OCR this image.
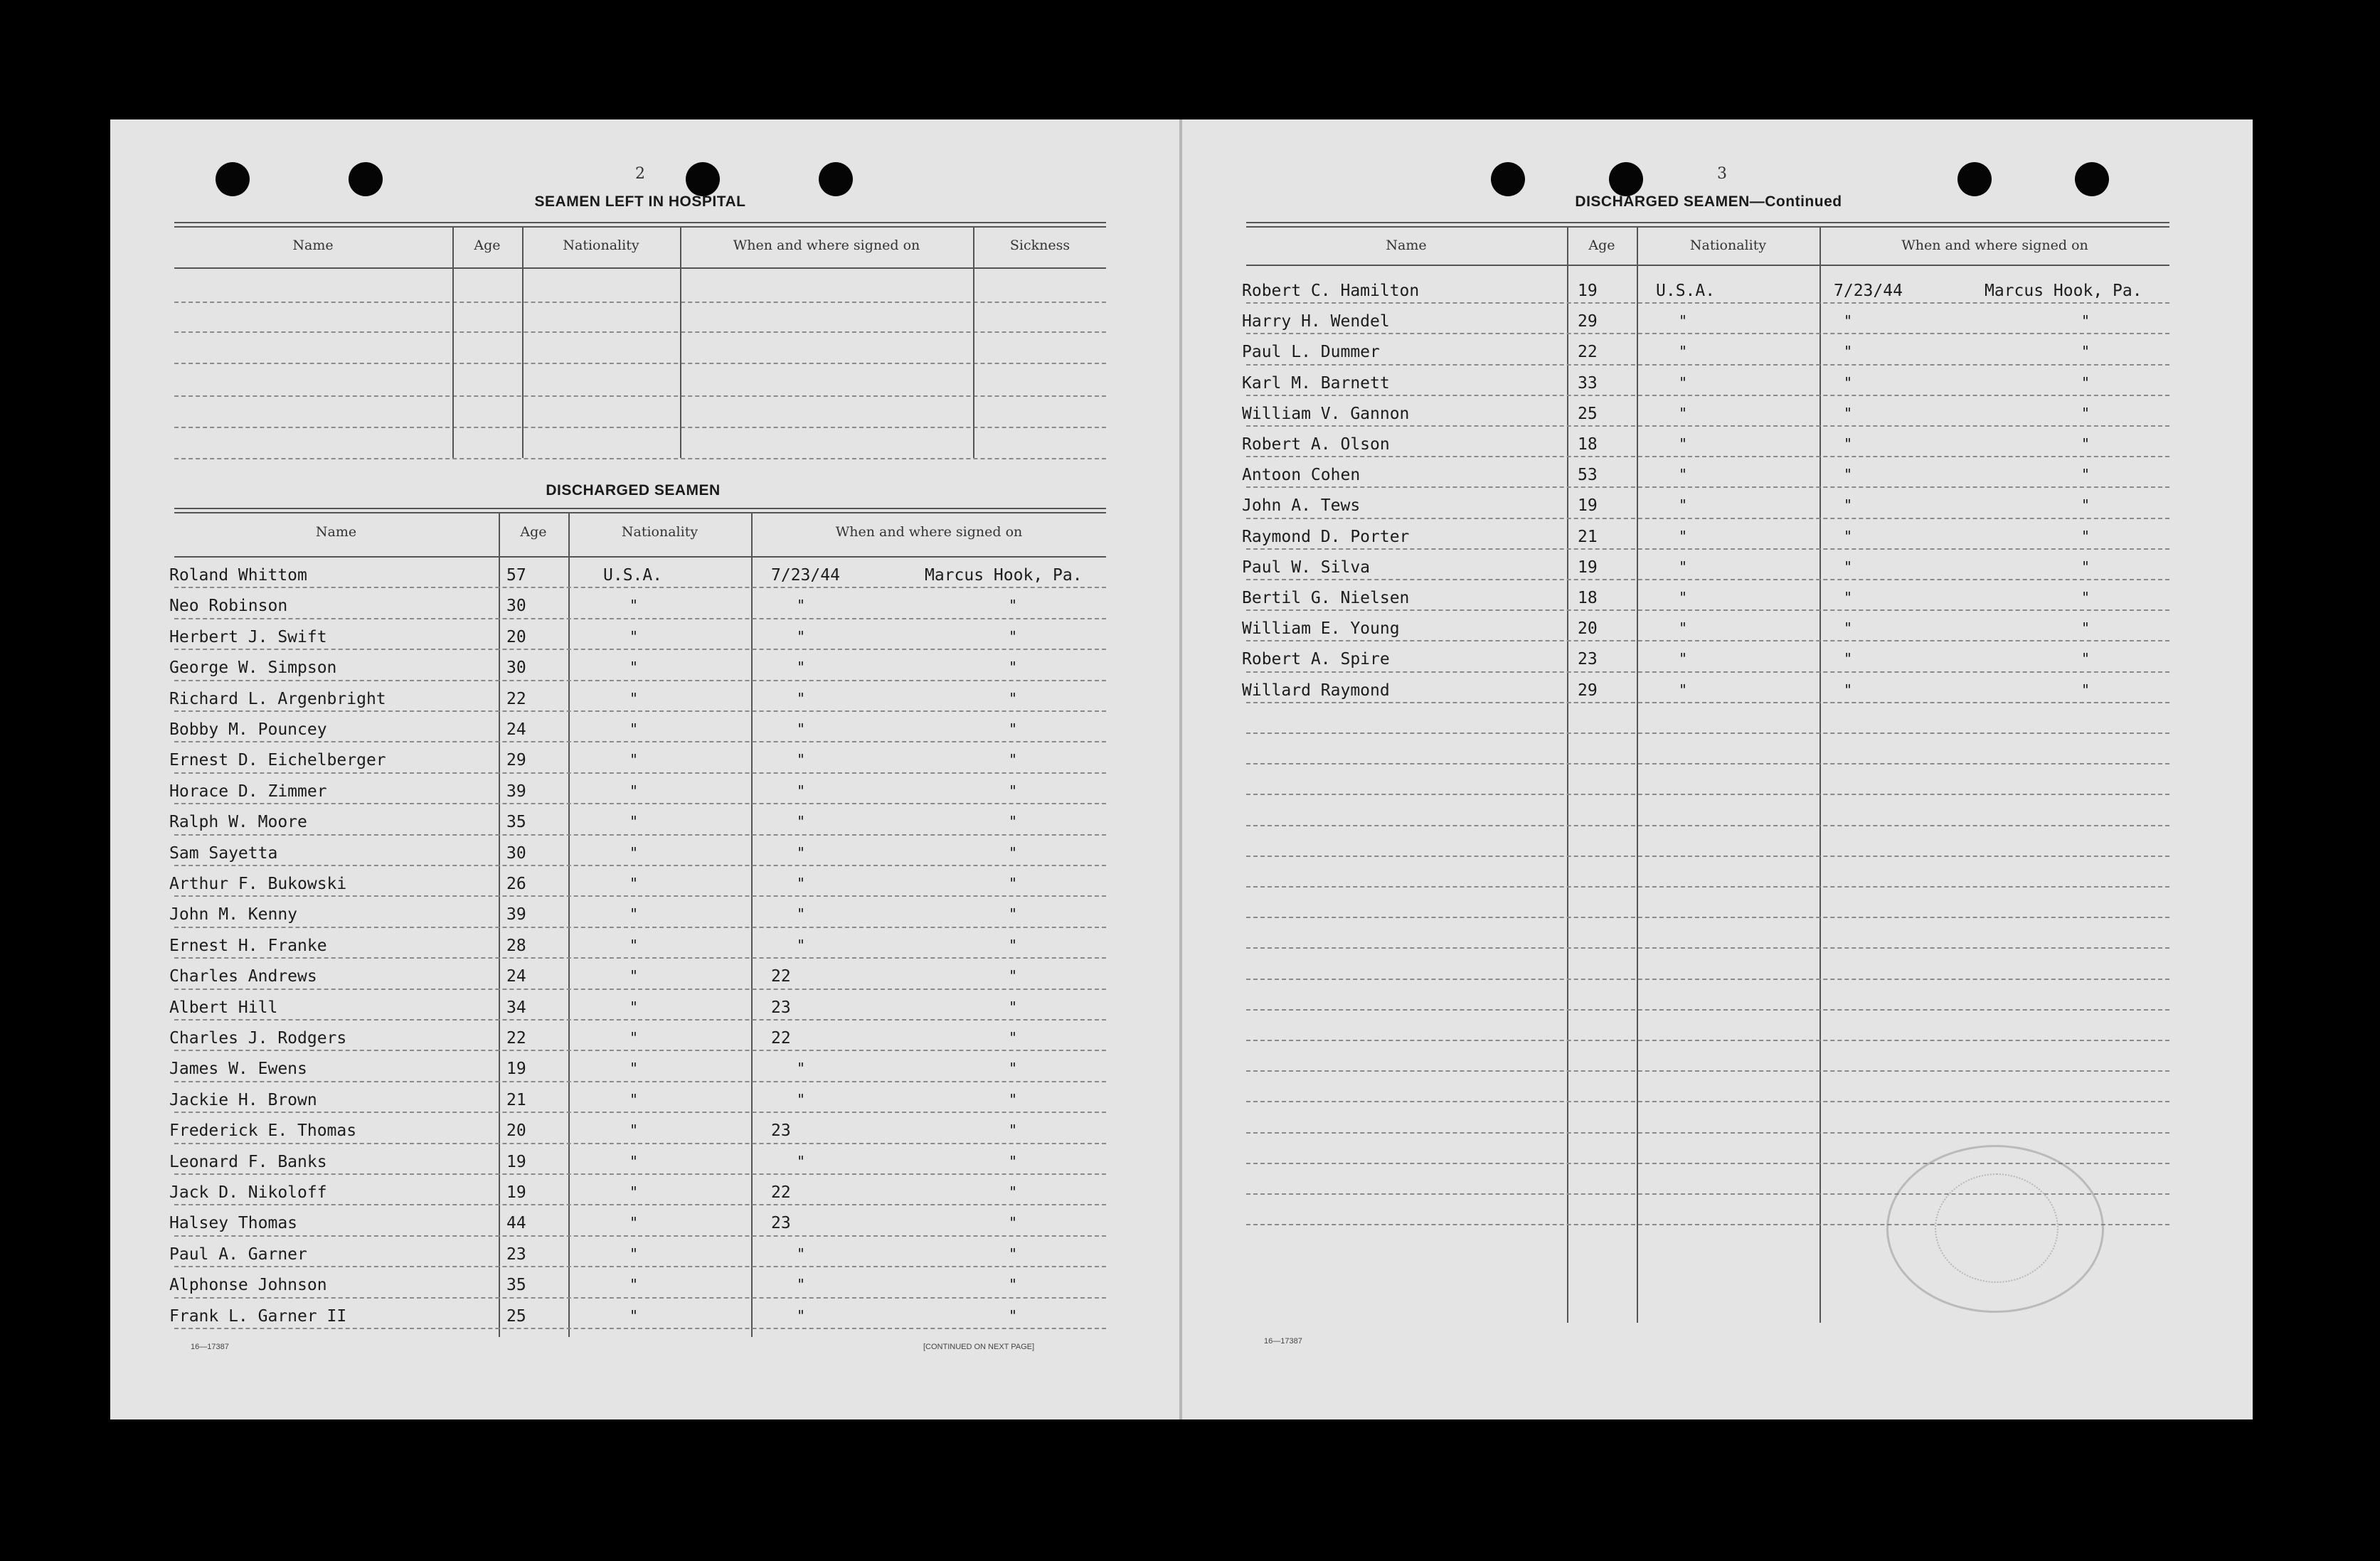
2
SEAMEN LEFT IN HOSPITAL
Name	Age	Nationality	When and where signed on	Sickness
DISCHARGED SEAMEN
Name	Age	Nationality	When and where signed on
Roland Whittom	57	U.S.A.	7/23/44	Marcus Hook, Pa.
Neo Robinson	30	"	"	"
Herbert J. Swift	20	"	"	"
George W. Simpson	30	"	"	"
Richard L. Argenbright	22	"	"	"
Bobby M. Pouncey	24	"	"	"
Ernest D. Eichelberger	29	"	"	"
Horace D. Zimmer	39	"	"	"
Ralph W. Moore	35	"	"	"
Sam Sayetta	30	"	"	"
Arthur F. Bukowski	26	"	"	"
John M. Kenny	39	"	"	"
Ernest H. Franke	28	"	"	"
Charles Andrews	24	"	22	"
Albert Hill	34	"	23	"
Charles J. Rodgers	22	"	22	"
James W. Ewens	19	"	"	"
Jackie H. Brown	21	"	"	"
Frederick E. Thomas	20	"	23	"
Leonard F. Banks	19	"	"	"
Jack D. Nikoloff	19	"	22	"
Halsey Thomas	44	"	23	"
Paul A. Garner	23	"	"	"
Alphonse Johnson	35	"	"	"
Frank L. Garner II	25	"	"	"
16—17387	[CONTINUED ON NEXT PAGE]
3
DISCHARGED SEAMEN—Continued
Name	Age	Nationality	When and where signed on
Robert C. Hamilton	19	U.S.A.	7/23/44	Marcus Hook, Pa.
Harry H. Wendel	29	"	"	"
Paul L. Dummer	22	"	"	"
Karl M. Barnett	33	"	"	"
William V. Gannon	25	"	"	"
Robert A. Olson	18	"	"	"
Antoon Cohen	53	"	"	"
John A. Tews	19	"	"	"
Raymond D. Porter	21	"	"	"
Paul W. Silva	19	"	"	"
Bertil G. Nielsen	18	"	"	"
William E. Young	20	"	"	"
Robert A. Spire	23	"	"	"
Willard Raymond	29	"	"	"
16—17387
